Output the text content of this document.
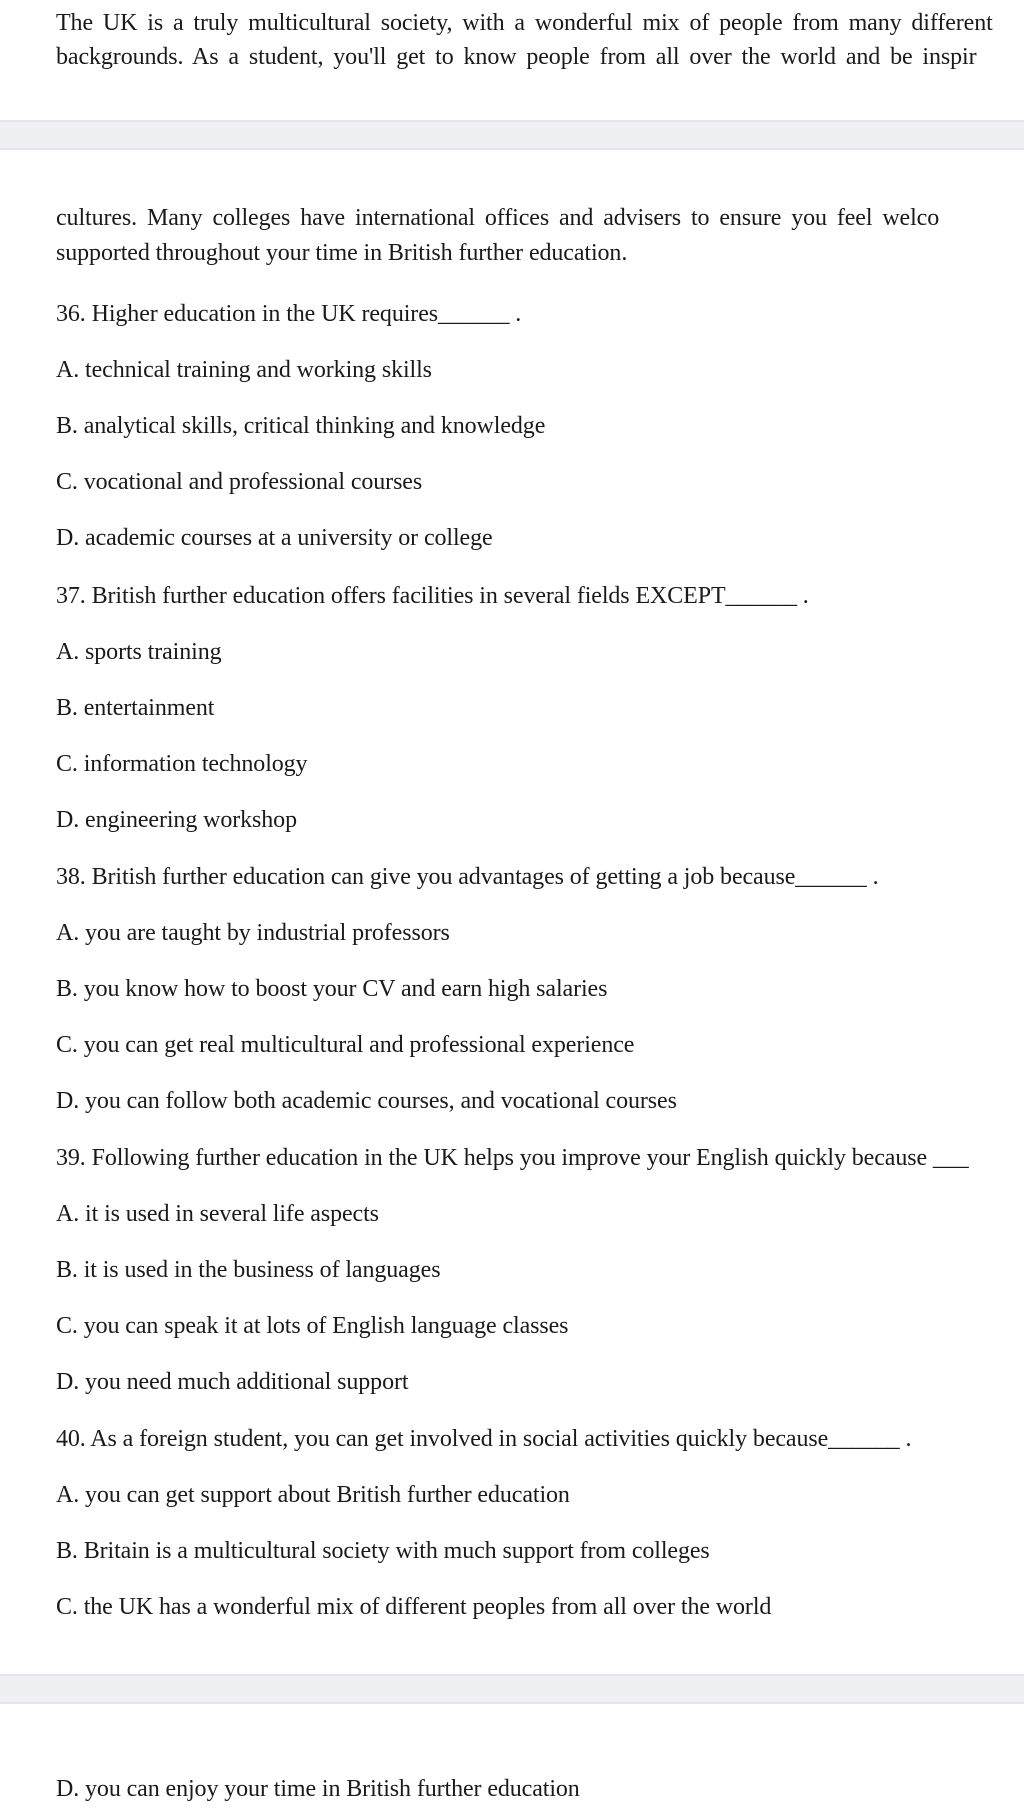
The UK is a truly multicultural society, with a wonderful mix of people from many different
backgrounds. As a student, you'll get to know people from all over the world and be inspir
cultures. Many colleges have international offices and advisers to ensure you feel welco
supported throughout your time in British further education.
36. Higher education in the UK requires______ .
A. technical training and working skills
B. analytical skills, critical thinking and knowledge
C. vocational and professional courses
D. academic courses at a university or college
37. British further education offers facilities in several fields EXCEPT______ .
A. sports training
B. entertainment
C. information technology
D. engineering workshop
38. British further education can give you advantages of getting a job because______ .
A. you are taught by industrial professors
B. you know how to boost your CV and earn high salaries
C. you can get real multicultural and professional experience
D. you can follow both academic courses, and vocational courses
39. Following further education in the UK helps you improve your English quickly because ___
A. it is used in several life aspects
B. it is used in the business of languages
C. you can speak it at lots of English language classes
D. you need much additional support
40. As a foreign student, you can get involved in social activities quickly because______ .
A. you can get support about British further education
B. Britain is a multicultural society with much support from colleges
C. the UK has a wonderful mix of different peoples from all over the world
D. you can enjoy your time in British further education
